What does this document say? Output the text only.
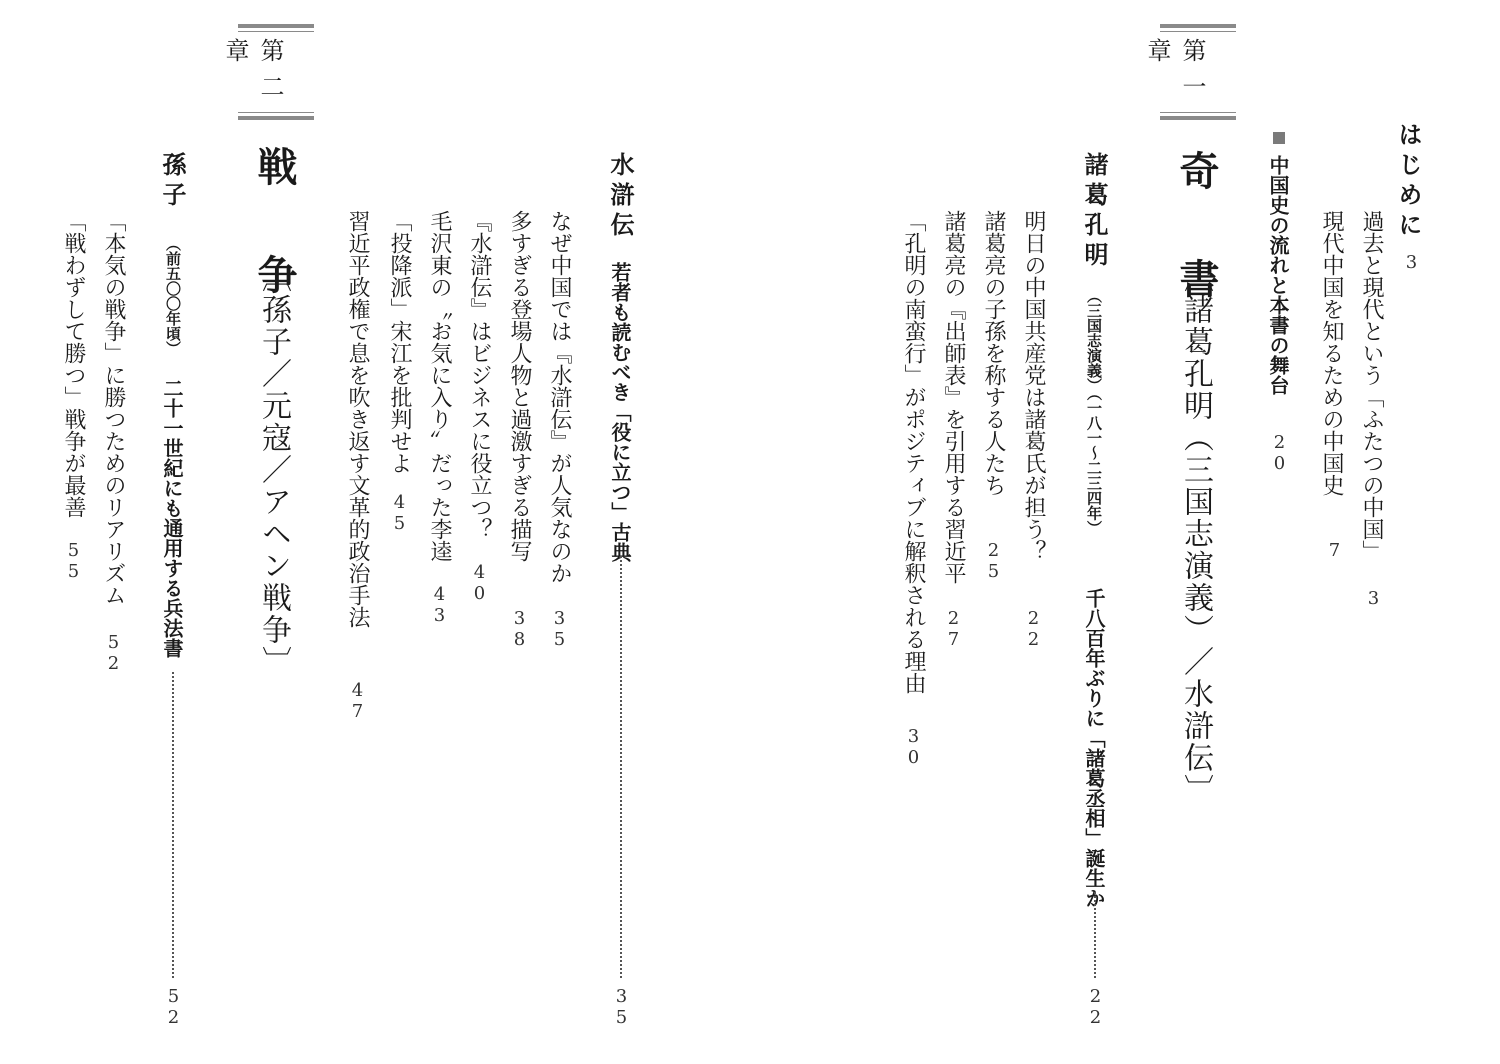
はじめに
3
過去と現代という「ふたつの中国」
3
現代中国を知るための中国史
7
中国史の流れと本書の舞台
20
第一章
奇　書
〔諸葛孔明（三国志演義）／水滸伝〕
諸葛孔明
（三国志演義）（一八一〜二三四年）
千八百年ぶりに「諸葛丞相」誕生か
22
明日の中国共産党は諸葛氏が担う？
22
諸葛亮の子孫を称する人たち
25
諸葛亮の『出師表』を引用する習近平
27
「孔明の南蛮行」がポジティブに解釈される理由
30
水滸伝
若者も読むべき「役に立つ」古典
35
なぜ中国では『水滸伝』が人気なのか
35
多すぎる登場人物と過激すぎる描写
38
『水滸伝』はビジネスに役立つ？
40
毛沢東の〝お気に入り〟だった李逵
43
「投降派」宋江を批判せよ
45
習近平政権で息を吹き返す文革的政治手法
47
第二章
戦　争
〔孫子／元寇／アヘン戦争〕
孫子
（前五〇〇年頃）
二十一世紀にも通用する兵法書
52
「本気の戦争」に勝つためのリアリズム
52
「戦わずして勝つ」戦争が最善
55
